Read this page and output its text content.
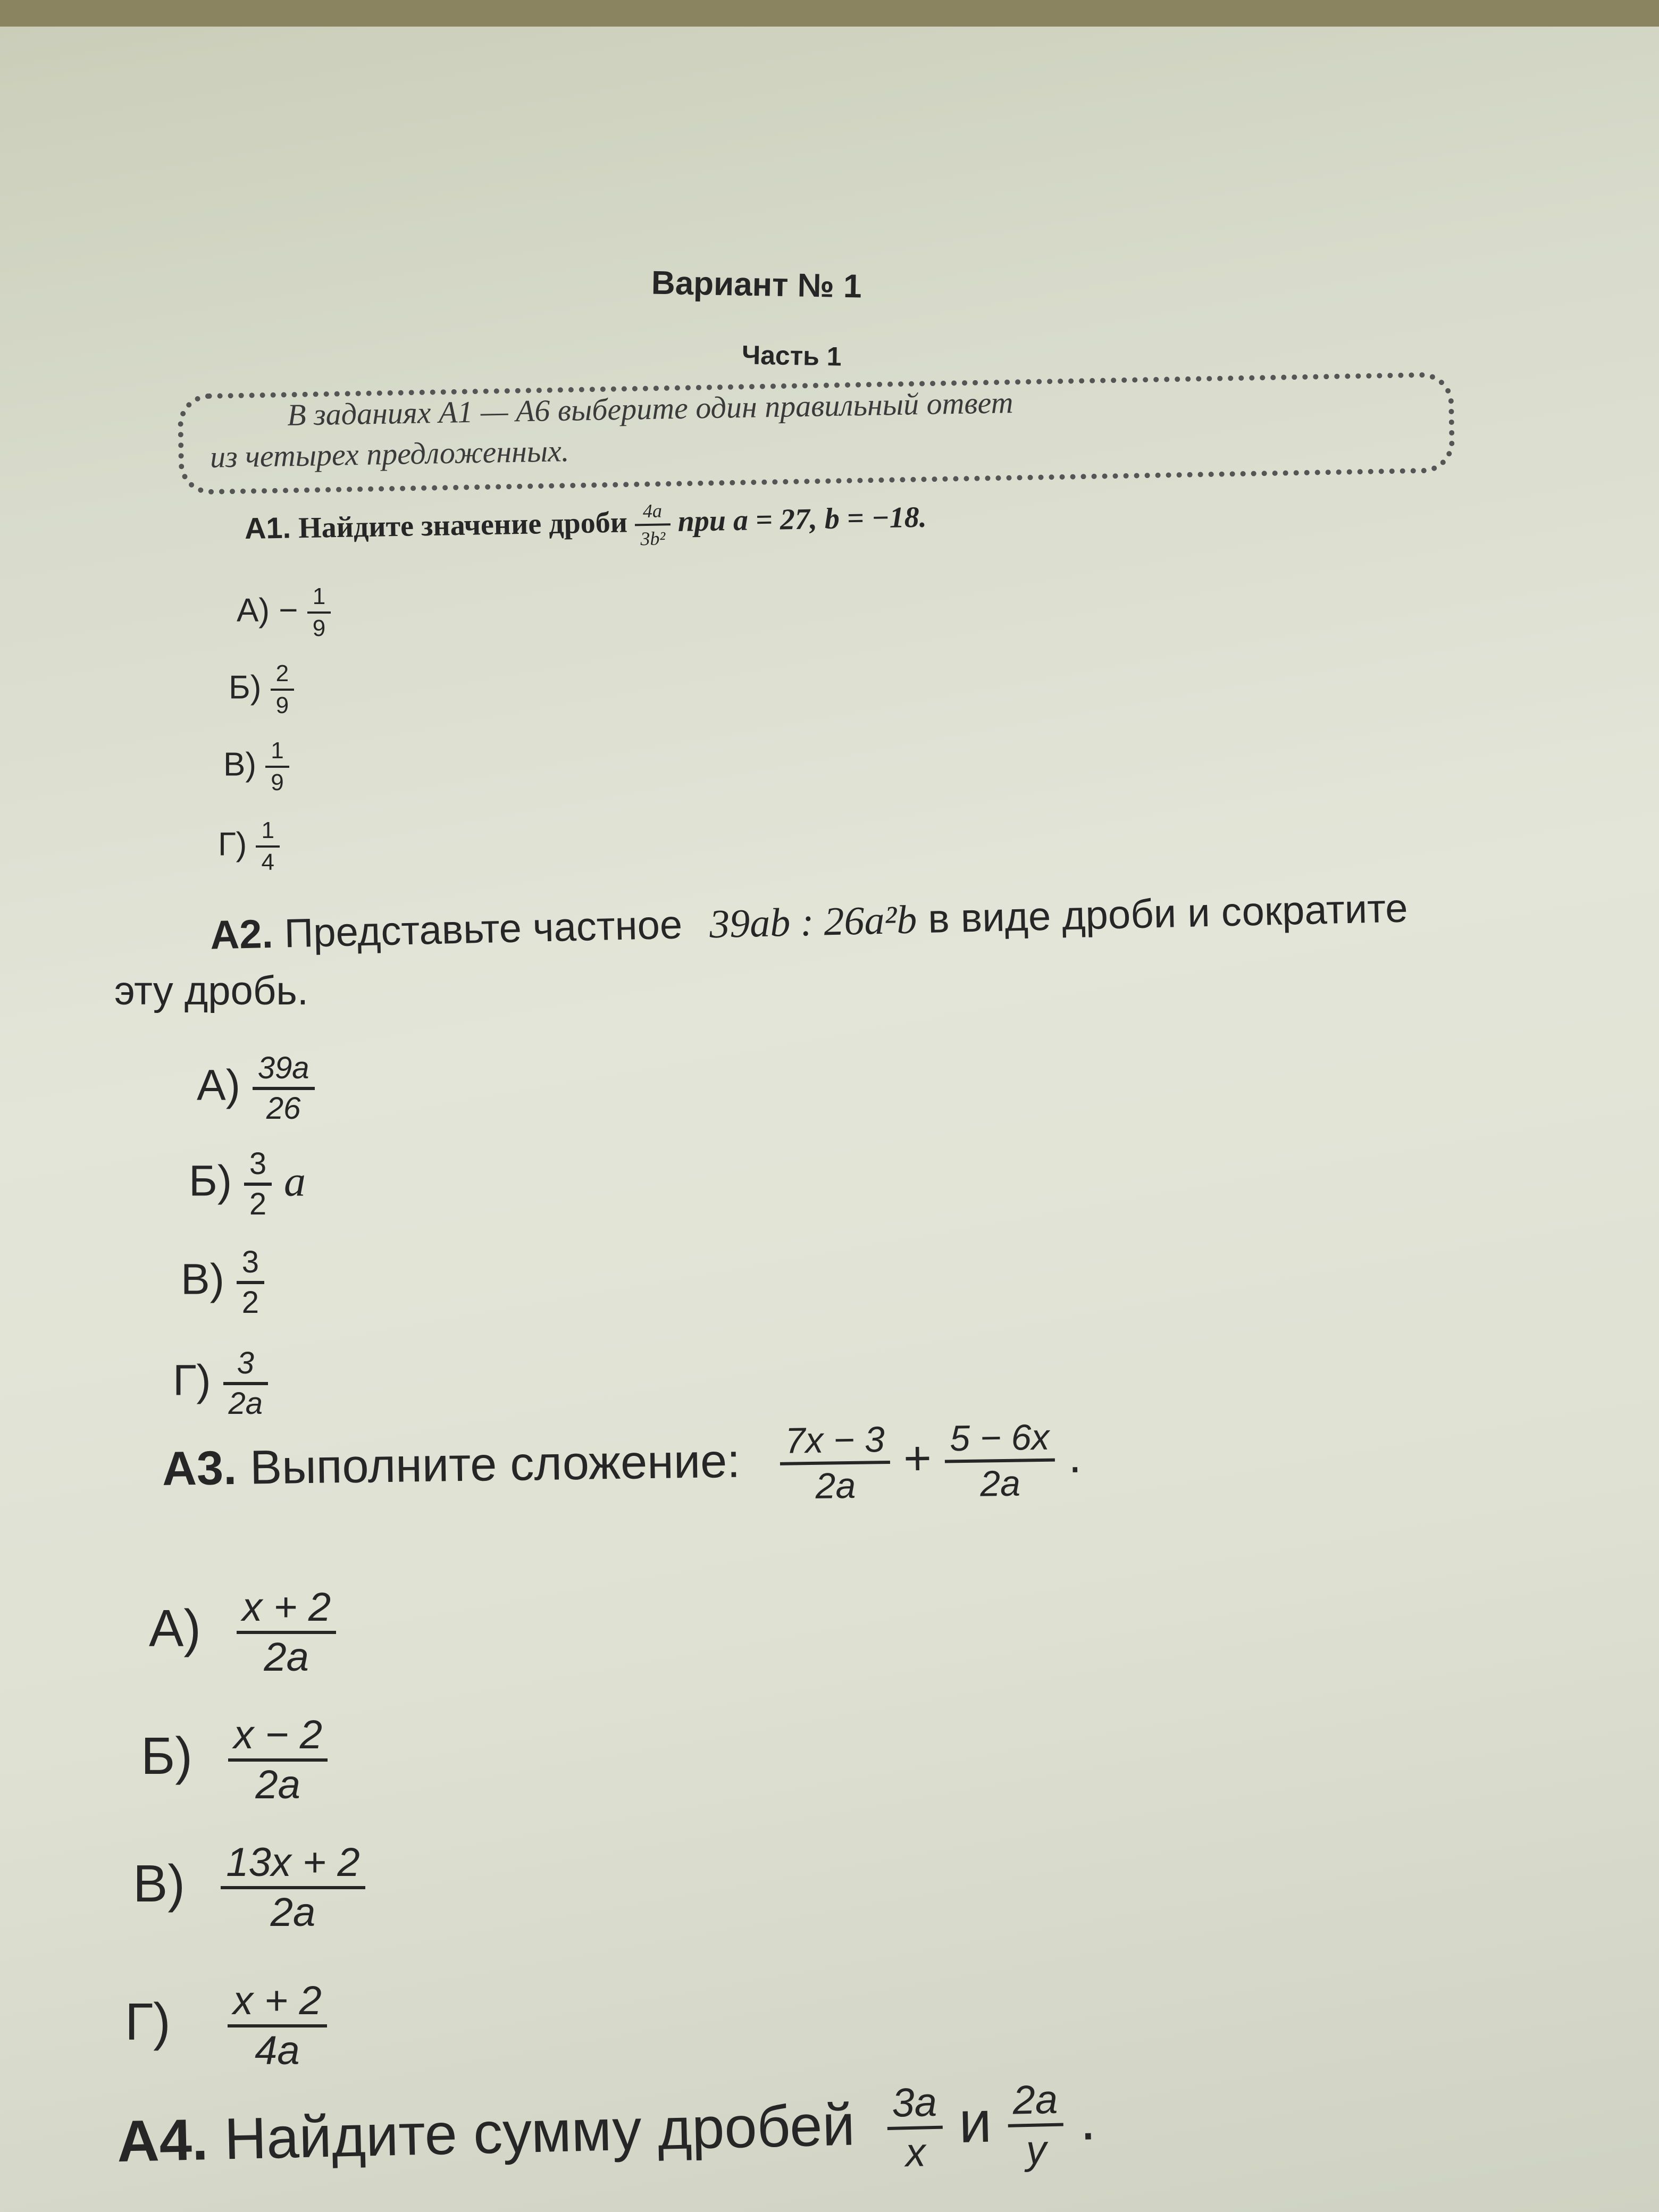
Вариант № 1
Часть 1
В заданиях А1 — А6 выберите один правильный ответ
из четырех предложенных.
А1. Найдите значение дроби $\frac{4a}{\text{3b²}}$ при a = 27, b = −18.
$А) - \frac{1}{9}$
$Б) \frac{2}{9}$
$В) \frac{1}{9}$
$Г) \frac{1}{4}$
А2. Представьте частное 39ab : 26a²b в виде дроби и сократите
эту дробь.
$А) \frac{39a}{26}$
$Б) \frac{3}{2}$ a
$В) \frac{3}{2}$
$Г) \frac{3}{2a}$
А3. Выполните сложение: $\frac{7x - 3}{2a} + \frac{5 - 6x}{2a}$ .
$А) \frac{x + 2}{2a}$
$Б) \frac{x - 2}{2a}$
$В) \frac{13x + 2}{2a}$
$Г) \frac{x + 2}{4a}$
А4. Найдите сумму дробей $\frac{3a}{x}$ и $\frac{2a}{y}$ .
